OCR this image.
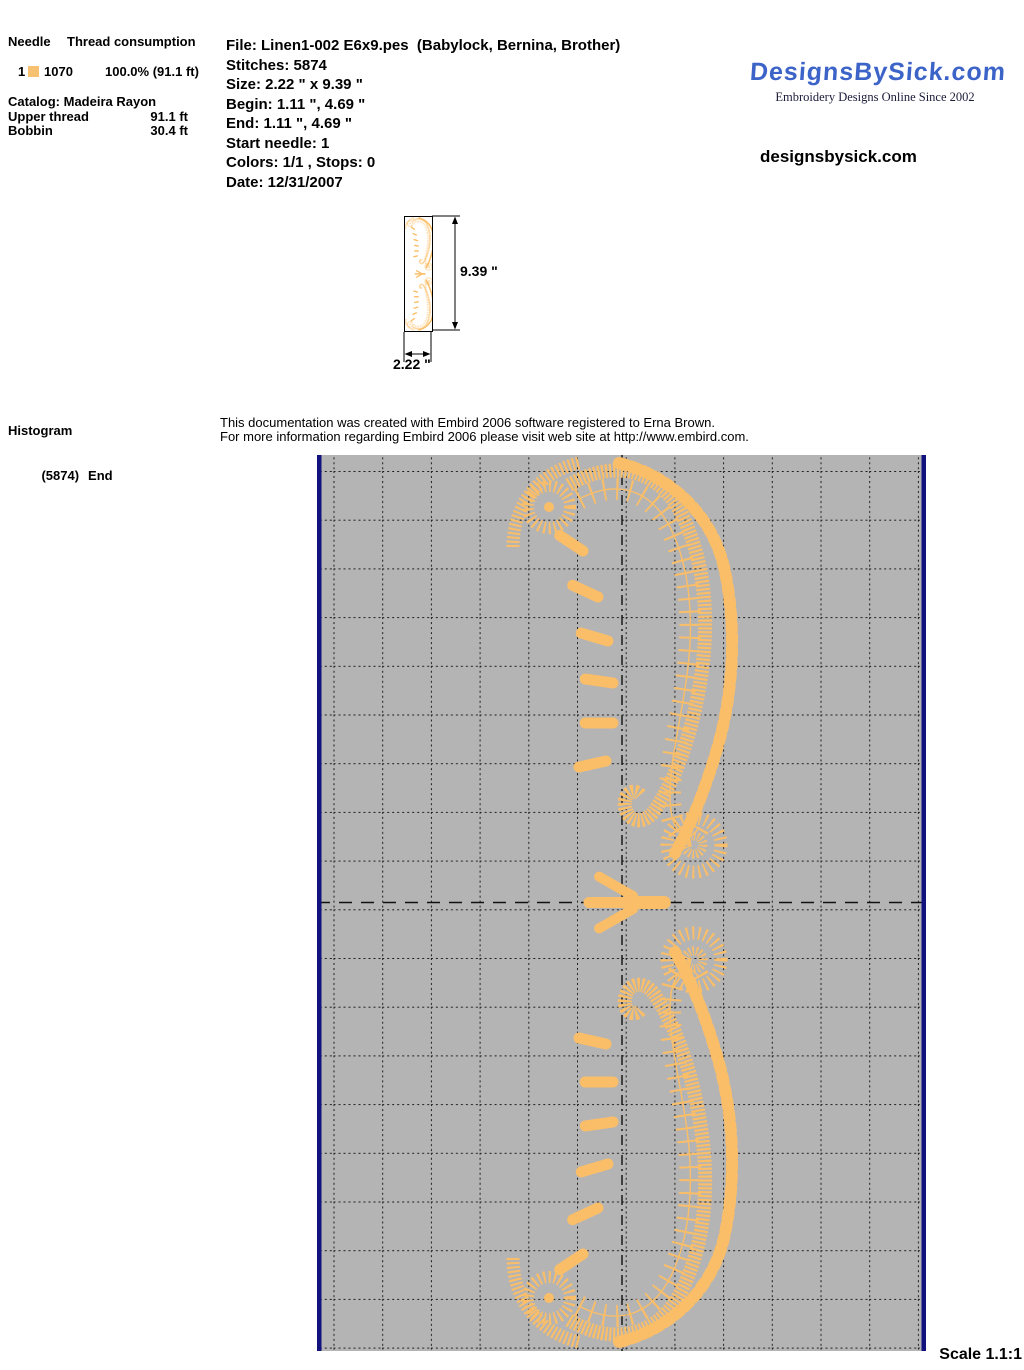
Needle Thread consumption
1 1070 100.0% (91.1 ft)
Catalog: Madeira Rayon
Upper thread	91.1 ft
Bobbin	30.4 ft
File: Linen1-002 E6x9.pes  (Babylock, Bernina, Brother)
Stitches: 5874
Size: 2.22 " x 9.39 "
Begin: 1.11 ", 4.69 "
End: 1.11 ", 4.69 "
Start needle: 1
Colors: 1/1 , Stops: 0
Date: 12/31/2007
DesignsBySick.com
Embroidery Designs Online Since 2002
designsbysick.com
9.39 "
2.22 "
Histogram

(5874) End

This documentation was created with Embird 2006 software registered to Erna Brown.
For more information regarding Embird 2006 please visit web site at http://www.embird.com.
Scale 1.1:1
